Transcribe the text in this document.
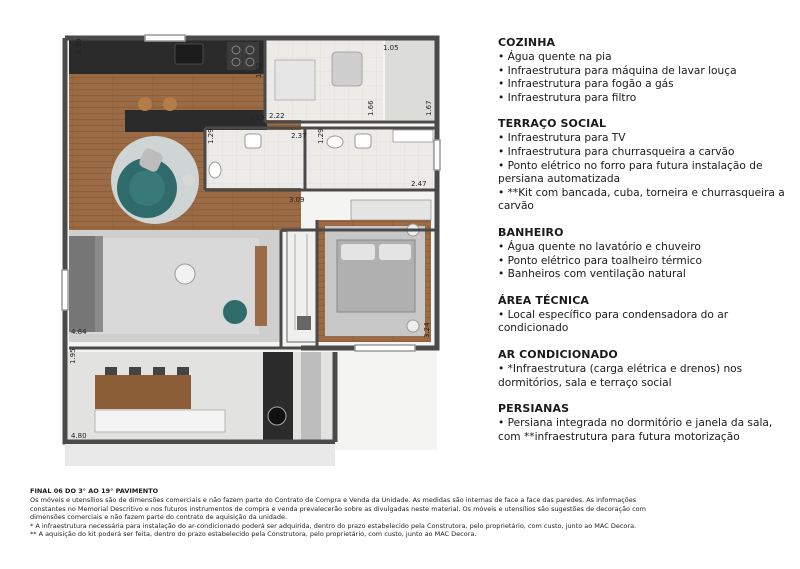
6.59
1.63
1.05
2.22
4.19
1.66	1.67
1.29	2.37 1.29
2.47
3.09
4.84	3.24
1.95
4.80
COZINHA
• Água quente na pia
• Infraestrutura para máquina de lavar louça
• Infraestrutura para fogão a gás
• Infraestrutura para filtro
TERRAÇO SOCIAL
• Infraestrutura para TV
• Infraestrutura para churrasqueira a carvão
• Ponto elétrico no forro para futura instalação de persiana automatizada
• **Kit com bancada, cuba, torneira e churrasqueira a carvão
BANHEIRO
• Água quente no lavatório e chuveiro
• Ponto elétrico para toalheiro térmico
• Banheiros com ventilação natural
ÁREA TÉCNICA
• Local específico para condensadora do ar condicionado
AR CONDICIONADO
• *Infraestrutura (carga elétrica e drenos) nos dormitórios, sala e terraço social
PERSIANAS
• Persiana integrada no dormitório e janela da sala, com **infraestrutura para futura motorização
FINAL 06 DO 3° AO 19° PAVIMENTO

Os móveis e utensílios são de dimensões comerciais e não fazem parte do Contrato de Compra e Venda da Unidade. As medidas são internas de face a face das paredes. As informações

constantes no Memorial Descritivo e nos futuros instrumentos de compra e venda prevalecerão sobre as divulgadas neste material. Os móveis e utensílios são sugestões de decoração com

dimensões comerciais e não fazem parte do contrato de aquisição da unidade.

* A infraestrutura necessária para instalação do ar-condicionado poderá ser adquirida, dentro do prazo estabelecido pela Construtora, pelo proprietário, com custo, junto ao MAC Decora.

** A aquisição do kit poderá ser feita, dentro do prazo estabelecido pela Construtora, pelo proprietário, com custo, junto ao MAC Decora.
